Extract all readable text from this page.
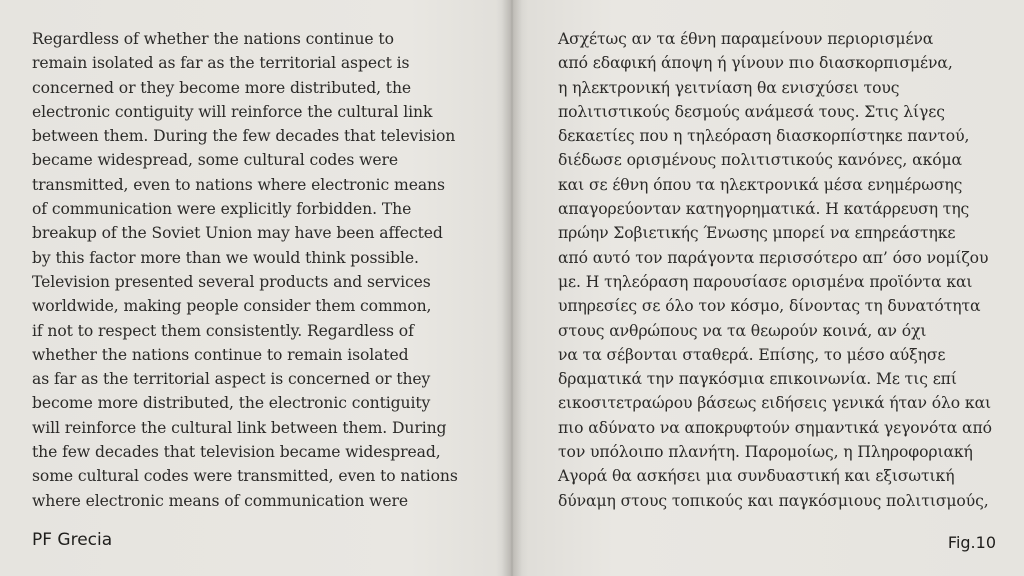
Regardless of whether the nations continue to
remain isolated as far as the territorial aspect is
concerned or they become more distributed, the
electronic contiguity will reinforce the cultural link
between them. During the few decades that television
became widespread, some cultural codes were
transmitted, even to nations where electronic means
of communication were explicitly forbidden. The
breakup of the Soviet Union may have been affected
by this factor more than we would think possible.
Television presented several products and services
worldwide, making people consider them common,
if not to respect them consistently. Regardless of
whether the nations continue to remain isolated
as far as the territorial aspect is concerned or they
become more distributed, the electronic contiguity
will reinforce the cultural link between them. During
the few decades that television became widespread,
some cultural codes were transmitted, even to nations
where electronic means of communication were
PF Grecia
Ασχέτως αν τα έθνη παραμείνουν περιορισμένα
από εδαφική άποψη ή γίνουν πιο διασκορπισμένα,
η ηλεκτρονική γειτνίαση θα ενισχύσει τους
πολιτιστικούς δεσμούς ανάμεσά τους. Στις λίγες
δεκαετίες που η τηλεόραση διασκορπίστηκε παντού,
διέδωσε ορισμένους πολιτιστικούς κανόνες, ακόμα
και σε έθνη όπου τα ηλεκτρονικά μέσα ενημέρωσης
απαγορεύονταν κατηγορηματικά. Η κατάρρευση της
πρώην Σοβιετικής Ένωσης μπορεί να επηρεάστηκε
από αυτό τον παράγοντα περισσότερο απ’ όσο νομίζου
με. Η τηλεόραση παρουσίασε ορισμένα προϊόντα και
υπηρεσίες σε όλο τον κόσμο, δίνοντας τη δυνατότητα
στους ανθρώπους να τα θεωρούν κοινά, αν όχι
να τα σέβονται σταθερά. Επίσης, το μέσο αύξησε
δραματικά την παγκόσμια επικοινωνία. Με τις επί
εικοσιτετραώρου βάσεως ειδήσεις γενικά ήταν όλο και
πιο αδύνατο να αποκρυφτούν σημαντικά γεγονότα από
τον υπόλοιπο πλανήτη. Παρομοίως, η Πληροφοριακή
Αγορά θα ασκήσει μια συνδυαστική και εξισωτική
δύναμη στους τοπικούς και παγκόσμιους πολιτισμούς,
Fig.10
